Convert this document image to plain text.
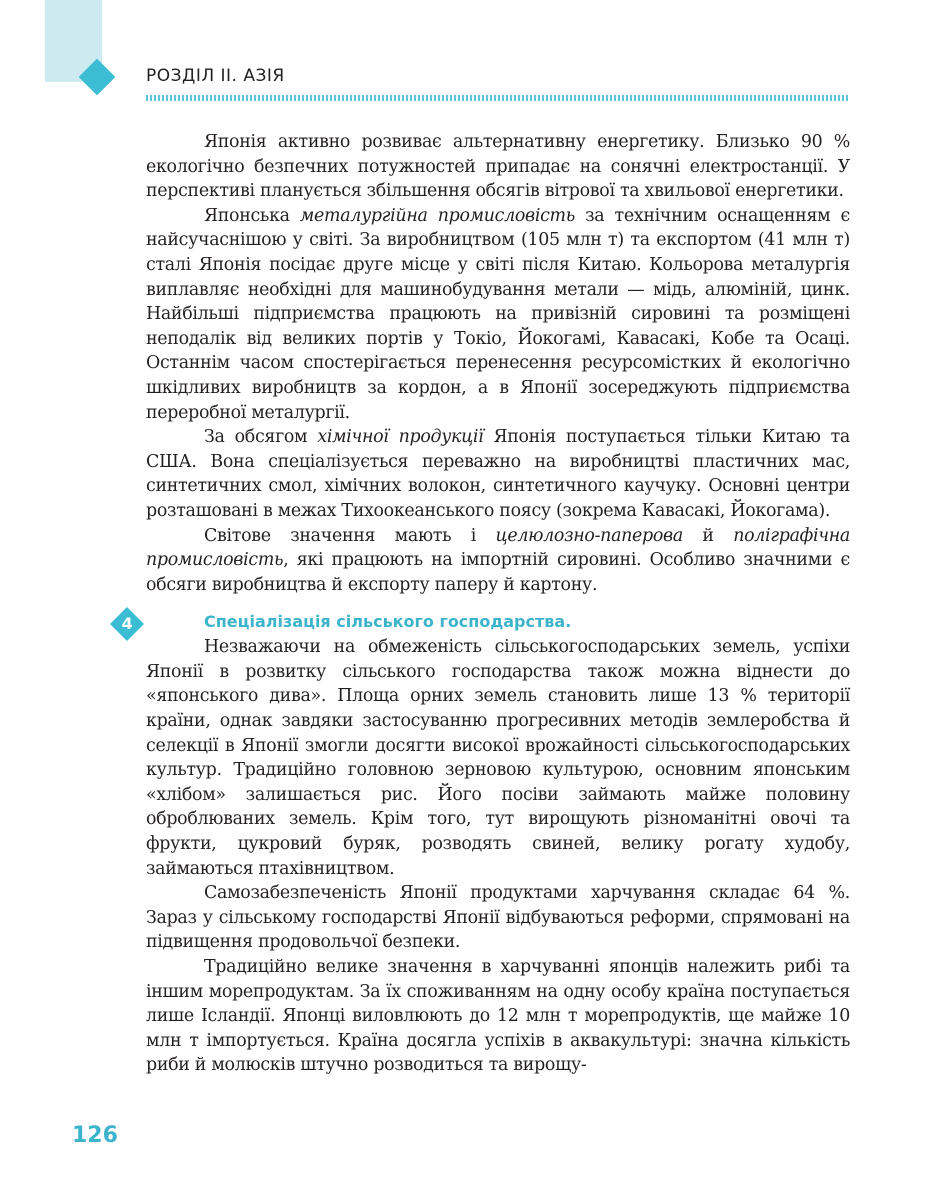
РОЗДІЛ ІІ. АЗІЯ

Японія активно розвиває альтернативну енергетику. Близько 90 % екологічно безпечних потужностей припадає на сонячні електростанції. У перспективі планується збільшення обсягів вітрової та хвильової енергетики.

Японська металургійна промисловість за технічним оснащенням є найсучаснішою у світі. За виробництвом (105 млн т) та експортом (41 млн т) сталі Японія посідає друге місце у світі після Китаю. Кольорова металургія виплавляє необхідні для машинобудування метали — мідь, алюміній, цинк. Найбільші підприємства працюють на привізній сировині та розміщені неподалік від великих портів у Токіо, Йокогамі, Кавасакі, Кобе та Осаці. Останнім часом спостерігається перенесення ресурсомістких й екологічно шкідливих виробництв за кордон, а в Японії зосереджують підприємства переробної металургії.

За обсягом хімічної продукції Японія поступається тільки Китаю та США. Вона спеціалізується переважно на виробництві пластичних мас, синтетичних смол, хімічних волокон, синтетичного каучуку. Основні центри розташовані в межах Тихоокеанського поясу (зокрема Кавасакі, Йокогама).

Світове значення мають і целюлозно-паперова й поліграфічна промисловість, які працюють на імпортній сировині. Особливо значними є обсяги виробництва й експорту паперу й картону.

4	Спеціалізація сільського господарства.

Незважаючи на обмеженість сільськогосподарських земель, успіхи Японії в розвитку сільського господарства також можна віднести до «японського дива». Площа орних земель становить лише 13 % території країни, однак завдяки застосуванню прогресивних методів землеробства й селекції в Японії змогли досягти високої врожайності сільськогосподарських культур. Традиційно головною зерновою культурою, основним японським «хлібом» залишається рис. Його посіви займають майже половину оброблюваних земель. Крім того, тут вирощують різноманітні овочі та фрукти, цукровий буряк, розводять свиней, велику рогату худобу, займаються птахівництвом.

Самозабезпеченість Японії продуктами харчування складає 64 %. Зараз у сільському господарстві Японії відбуваються реформи, спрямовані на підвищення продовольчої безпеки.

Традиційно велике значення в харчуванні японців належить рибі та іншим морепродуктам. За їх споживанням на одну особу країна поступається лише Ісландії. Японці виловлюють до 12 млн т морепродуктів, ще майже 10 млн т імпортується. Країна досягла успіхів в аквакультурі: значна кількість риби й молюсків штучно розводиться та вирощу-

126
